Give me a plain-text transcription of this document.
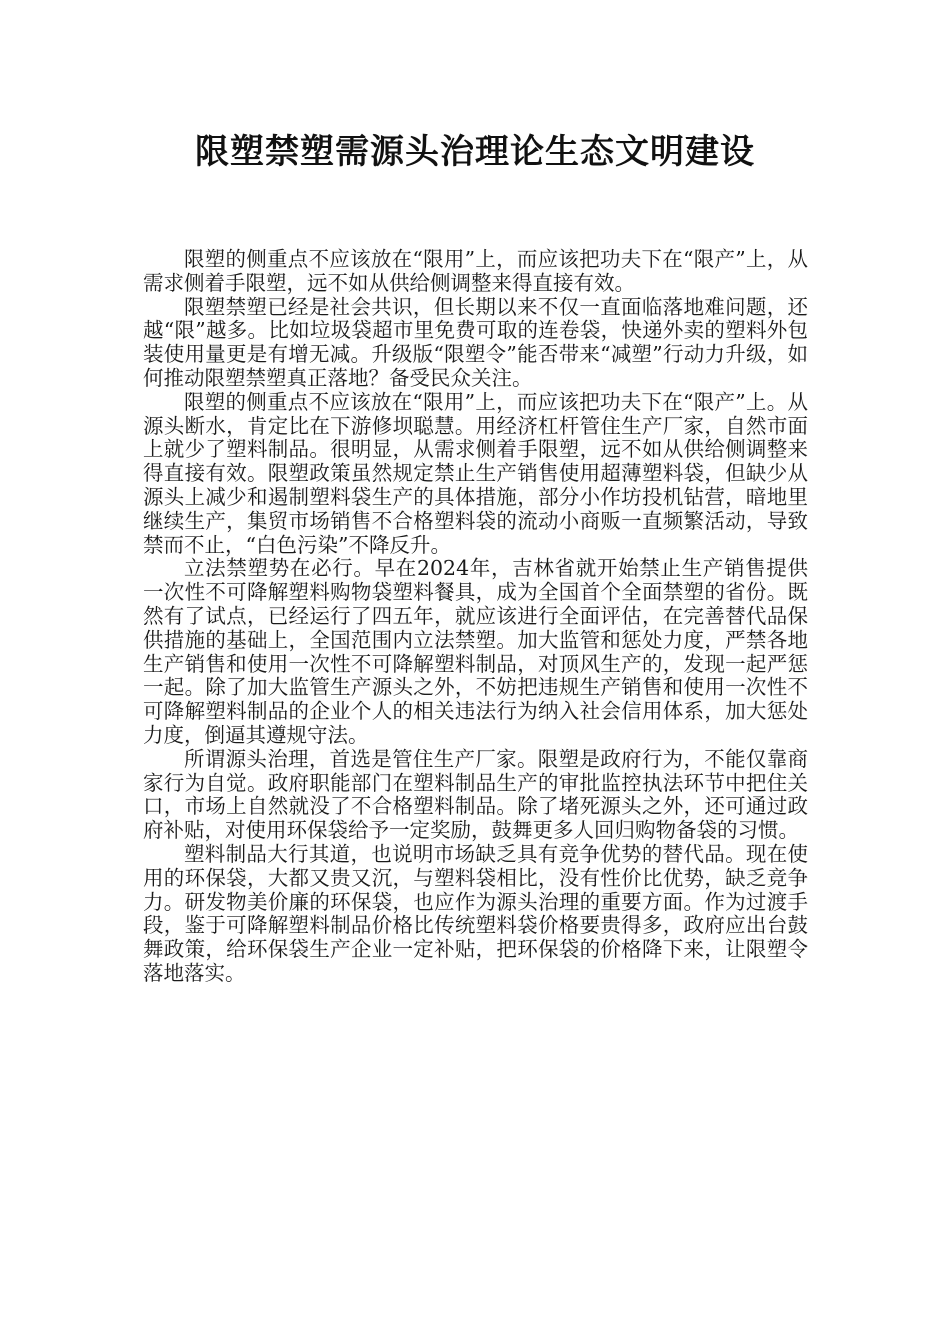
限塑禁塑需源头治理论生态文明建设

限塑的侧重点不应该放在“限用”上，而应该把功夫下在“限产”上，从需求侧着手限塑，远不如从供给侧调整来得直接有效。

限塑禁塑已经是社会共识，但长期以来不仅一直面临落地难问题，还越“限”越多。比如垃圾袋超市里免费可取的连卷袋，快递外卖的塑料外包装使用量更是有增无减。升级版“限塑令”能否带来“减塑”行动力升级，如何推动限塑禁塑真正落地？备受民众关注。

限塑的侧重点不应该放在“限用”上，而应该把功夫下在“限产”上。从源头断水，肯定比在下游修坝聪慧。用经济杠杆管住生产厂家，自然市面上就少了塑料制品。很明显，从需求侧着手限塑，远不如从供给侧调整来得直接有效。限塑政策虽然规定禁止生产销售使用超薄塑料袋，但缺少从源头上减少和遏制塑料袋生产的具体措施，部分小作坊投机钻营，暗地里继续生产，集贸市场销售不合格塑料袋的流动小商贩一直频繁活动，导致禁而不止，“白色污染”不降反升。

立法禁塑势在必行。早在2024年，吉林省就开始禁止生产销售提供一次性不可降解塑料购物袋塑料餐具，成为全国首个全面禁塑的省份。既然有了试点，已经运行了四五年，就应该进行全面评估，在完善替代品保供措施的基础上，全国范围内立法禁塑。加大监管和惩处力度，严禁各地生产销售和使用一次性不可降解塑料制品，对顶风生产的，发现一起严惩一起。除了加大监管生产源头之外，不妨把违规生产销售和使用一次性不可降解塑料制品的企业个人的相关违法行为纳入社会信用体系，加大惩处力度，倒逼其遵规守法。

所谓源头治理，首选是管住生产厂家。限塑是政府行为，不能仅靠商家行为自觉。政府职能部门在塑料制品生产的审批监控执法环节中把住关口，市场上自然就没了不合格塑料制品。除了堵死源头之外，还可通过政府补贴，对使用环保袋给予一定奖励，鼓舞更多人回归购物备袋的习惯。

塑料制品大行其道，也说明市场缺乏具有竞争优势的替代品。现在使用的环保袋，大都又贵又沉，与塑料袋相比，没有性价比优势，缺乏竞争力。研发物美价廉的环保袋，也应作为源头治理的重要方面。作为过渡手段，鉴于可降解塑料制品价格比传统塑料袋价格要贵得多，政府应出台鼓舞政策，给环保袋生产企业一定补贴，把环保袋的价格降下来，让限塑令落地落实。
